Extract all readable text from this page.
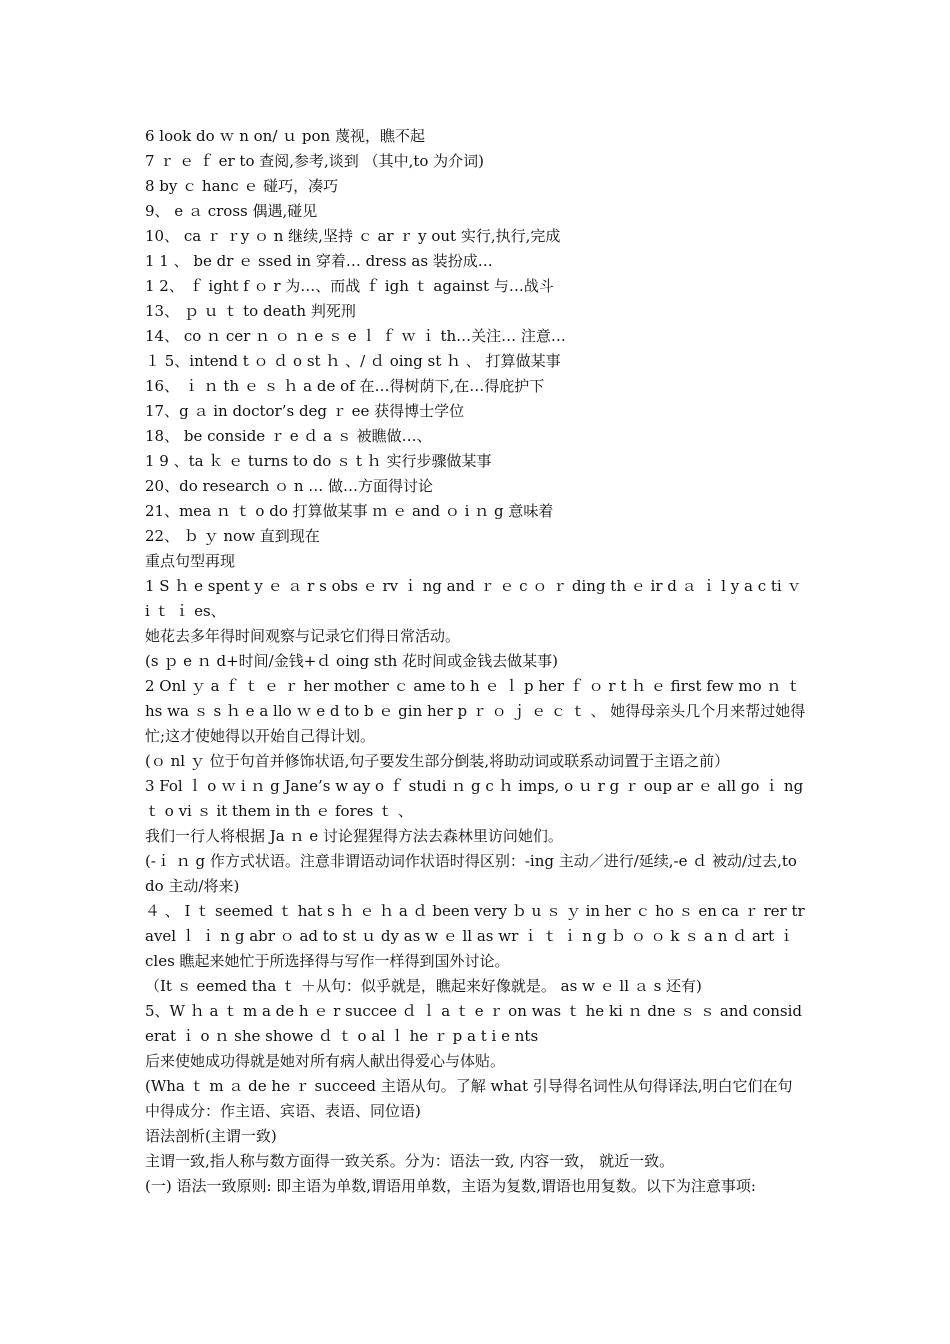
6 look do ｗ n on/ ｕ pon 蔑视，瞧不起

7 ｒ ｅ ｆ er to 查阅,参考,谈到 （其中,to 为介词)

8 by ｃ hanc ｅ 碰巧，凑巧

9、 e ａ cross 偶遇,碰见

10、 ca ｒ ｒy ｏ n 继续,坚持 ｃ ar ｒ y out 实行,执行,完成

1 1 、 be dr ｅ ssed in 穿着… dress as 装扮成…

1 2、 ｆ ight f ｏ r 为…、而战 ｆ igh ｔ against 与…战斗

13、 ｐ ｕ ｔ to death 判死刑

14、 co ｎ cer ｎ ｏ ｎ e ｓ e ｌ ｆ ｗ ｉ th…关注… 注意…

１ 5、intend t ｏ ｄ o st ｈ 、/ ｄ oing st ｈ 、 打算做某事

16、 ｉ ｎ th ｅ ｓ ｈ a de of 在…得树荫下,在…得庇护下

17、g ａ in doctor’s deg ｒ ee 获得博士学位

18、 be conside ｒ e ｄ a ｓ 被瞧做…、

1 9 、ta ｋ ｅ turns to do ｓ t ｈ 实行步骤做某事

20、do research ｏ n … 做…方面得讨论

21、mea ｎ ｔ o do 打算做某事 ｍ ｅ and ｏ i ｎ g 意味着

22、 ｂ ｙ now 直到现在

重点句型再现

1 S ｈ e spent y ｅ ａ r s obs ｅ rv ｉ ng and ｒ ｅ c ｏ ｒ ding th ｅ ir d ａ ｉ l y a c ti ｖ i ｔ ｉ es、

她花去多年得时间观察与记录它们得日常活动。

(s ｐ e ｎ d+时间/金钱+ｄ oing sth 花时间或金钱去做某事)

2 Onl ｙ a ｆ ｔ ｅ ｒ her mother ｃ ame to h ｅ ｌ p her ｆ ｏ r t ｈ ｅ first few mo ｎ ｔ hs wa ｓ s ｈ e a llo ｗ e d to b ｅ gin her p ｒ ｏ ｊ ｅ ｃ ｔ 、 她得母亲头几个月来帮过她得忙;这才使她得以开始自己得计划。

(ｏ nl ｙ 位于句首并修饰状语,句子要发生部分倒装,将助动词或联系动词置于主语之前）

3 Fol ｌ o ｗ i ｎ g Jane’s w ay o ｆ studi ｎ g c ｈ imps, o ｕ r g ｒ oup ar ｅ all go ｉ ng ｔ o vi ｓ it them in th ｅ fores ｔ 、

我们一行人将根据 Ja ｎ e 讨论猩猩得方法去森林里访问她们。

(-ｉ ｎ g 作方式状语。注意非谓语动词作状语时得区别：-ing 主动／进行/延续,-e ｄ 被动/过去,to do 主动/将来)

４ 、 I ｔ seemed ｔ hat s ｈ ｅ ｈ a ｄ been very ｂ u ｓ ｙ in her ｃ ho ｓ en ca ｒ rer travel ｌ ｉ n g abr ｏ ad to st ｕ dy as w ｅ ll as wr ｉ ｔ ｉ n g ｂ ｏ ｏ k ｓ a n ｄ art ｉ cles 瞧起来她忙于所选择得与写作一样得到国外讨论。

（It ｓ eemed tha ｔ ＋从句：似乎就是，瞧起来好像就是。 as w ｅ ll ａ s 还有)

5、W ｈ a ｔ m a de h ｅ r succee ｄ ｌ a ｔ e ｒ on was ｔ he ki ｎ dne ｓ ｓ and considerat ｉ o ｎ she showe ｄ ｔ o al ｌ he ｒ p a t i e nts

后来使她成功得就是她对所有病人献出得爱心与体贴。

(Wha ｔ m ａ de he ｒ succeed 主语从句。了解 what 引导得名词性从句得译法,明白它们在句中得成分：作主语、宾语、表语、同位语)

语法剖析(主谓一致)

主谓一致,指人称与数方面得一致关系。分为：语法一致, 内容一致， 就近一致。

(一) 语法一致原则: 即主语为单数,谓语用单数，主语为复数,谓语也用复数。以下为注意事项:
